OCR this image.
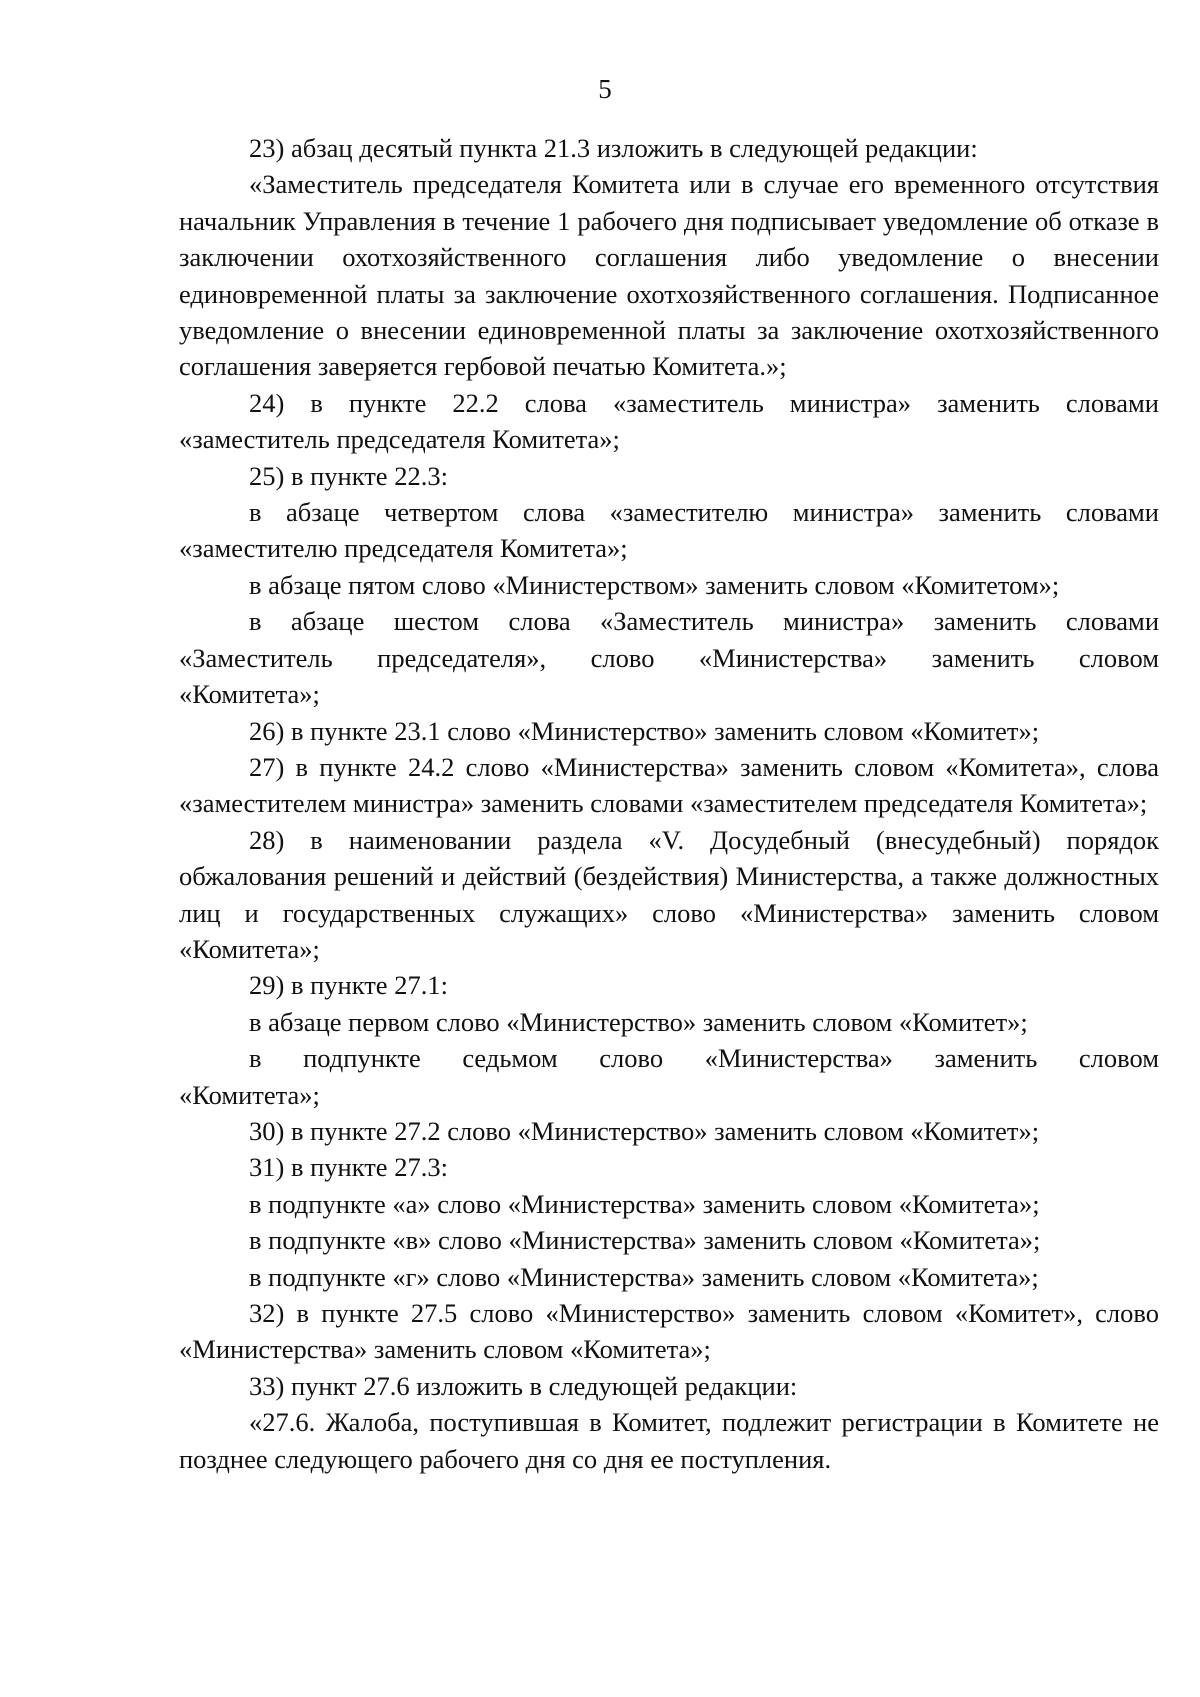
5

23) абзац десятый пункта 21.3 изложить в следующей редакции:

«Заместитель председателя Комитета или в случае его временного отсутствия начальник Управления в течение 1 рабочего дня подписывает уведомление об отказе в заключении охотхозяйственного соглашения либо уведомление о внесении единовременной платы за заключение охотхозяйственного соглашения. Подписанное уведомление о внесении единовременной платы за заключение охотхозяйственного соглашения заверяется гербовой печатью Комитета.»;

24) в пункте 22.2 слова «заместитель министра» заменить словами «заместитель председателя Комитета»;

25) в пункте 22.3:

в абзаце четвертом слова «заместителю министра» заменить словами «заместителю председателя Комитета»;

в абзаце пятом слово «Министерством» заменить словом «Комитетом»;

в абзаце шестом слова «Заместитель министра» заменить словами «Заместитель председателя», слово «Министерства» заменить словом

«Комитета»;

26) в пункте 23.1 слово «Министерство» заменить словом «Комитет»;

27) в пункте 24.2 слово «Министерства» заменить словом «Комитета», слова «заместителем министра» заменить словами «заместителем председателя Комитета»;

28) в наименовании раздела «V. Досудебный (внесудебный) порядок обжалования решений и действий (бездействия) Министерства, а также должностных лиц и государственных служащих» слово «Министерства» заменить словом «Комитета»;

29) в пункте 27.1:

в абзаце первом слово «Министерство» заменить словом «Комитет»;

в подпункте седьмом слово «Министерства» заменить словом

«Комитета»;

30) в пункте 27.2 слово «Министерство» заменить словом «Комитет»;

31) в пункте 27.3:

в подпункте «а» слово «Министерства» заменить словом «Комитета»;

в подпункте «в» слово «Министерства» заменить словом «Комитета»;

в подпункте «г» слово «Министерства» заменить словом «Комитета»;

32) в пункте 27.5 слово «Министерство» заменить словом «Комитет», слово «Министерства» заменить словом «Комитета»;

33) пункт 27.6 изложить в следующей редакции:

«27.6. Жалоба, поступившая в Комитет, подлежит регистрации в Комитете не позднее следующего рабочего дня со дня ее поступления.
